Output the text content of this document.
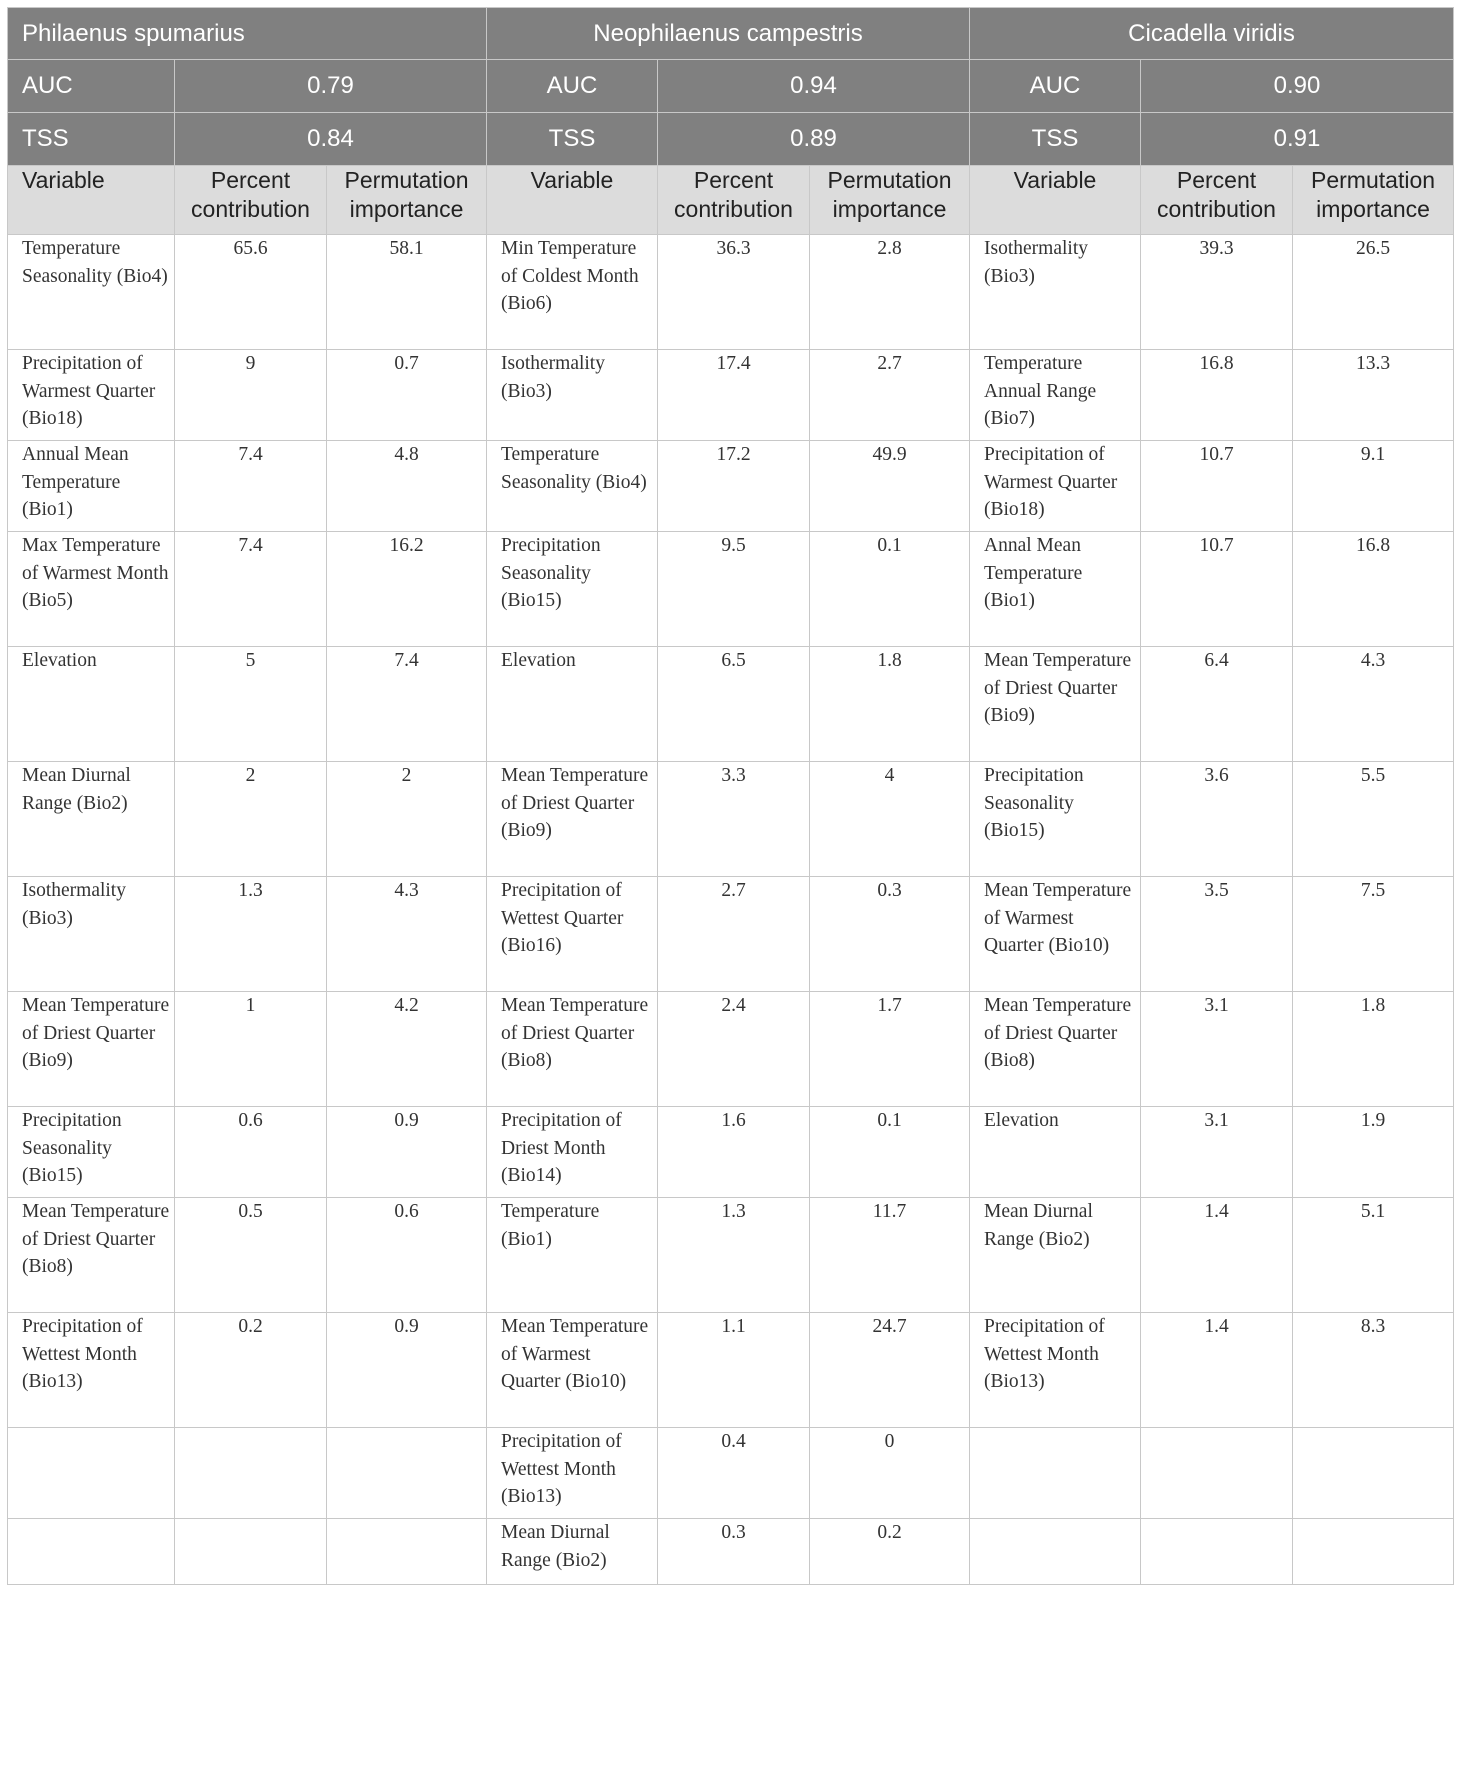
Philaenus spumarius			Neophilaenus campestris			Cicadella viridis		
AUC	0.79		AUC	0.94		AUC	0.90	
TSS	0.84		TSS	0.89		TSS	0.91	
Variable	Percent contribution	Permutation importance	Variable	Percent contribution	Permutation importance	Variable	Percent contribution	Permutation importance
Temperature Seasonality (Bio4)	65.6	58.1	Min Temperature of Coldest Month (Bio6)	36.3	2.8	Isothermality (Bio3)	39.3	26.5
Precipitation of Warmest Quarter (Bio18)	9	0.7	Isothermality (Bio3)	17.4	2.7	Temperature Annual Range (Bio7)	16.8	13.3
Annual Mean Temperature (Bio1)	7.4	4.8	Temperature Seasonality (Bio4)	17.2	49.9	Precipitation of Warmest Quarter (Bio18)	10.7	9.1
Max Temperature of Warmest Month (Bio5)	7.4	16.2	Precipitation Seasonality (Bio15)	9.5	0.1	Annal Mean Temperature (Bio1)	10.7	16.8
Elevation	5	7.4	Elevation	6.5	1.8	Mean Temperature of Driest Quarter (Bio9)	6.4	4.3
Mean Diurnal Range (Bio2)	2	2	Mean Temperature of Driest Quarter (Bio9)	3.3	4	Precipitation Seasonality (Bio15)	3.6	5.5
Isothermality (Bio3)	1.3	4.3	Precipitation of Wettest Quarter (Bio16)	2.7	0.3	Mean Temperature of Warmest Quarter (Bio10)	3.5	7.5
Mean Temperature of Driest Quarter (Bio9)	1	4.2	Mean Temperature of Driest Quarter (Bio8)	2.4	1.7	Mean Temperature of Driest Quarter (Bio8)	3.1	1.8
Precipitation Seasonality (Bio15)	0.6	0.9	Precipitation of Driest Month (Bio14)	1.6	0.1	Elevation	3.1	1.9
Mean Temperature of Driest Quarter (Bio8)	0.5	0.6	Temperature (Bio1)	1.3	11.7	Mean Diurnal Range (Bio2)	1.4	5.1
Precipitation of Wettest Month (Bio13)	0.2	0.9	Mean Temperature of Warmest Quarter (Bio10)	1.1	24.7	Precipitation of Wettest Month (Bio13)	1.4	8.3
			Precipitation of Wettest Month (Bio13)	0.4	0			
			Mean Diurnal Range (Bio2)	0.3	0.2			
